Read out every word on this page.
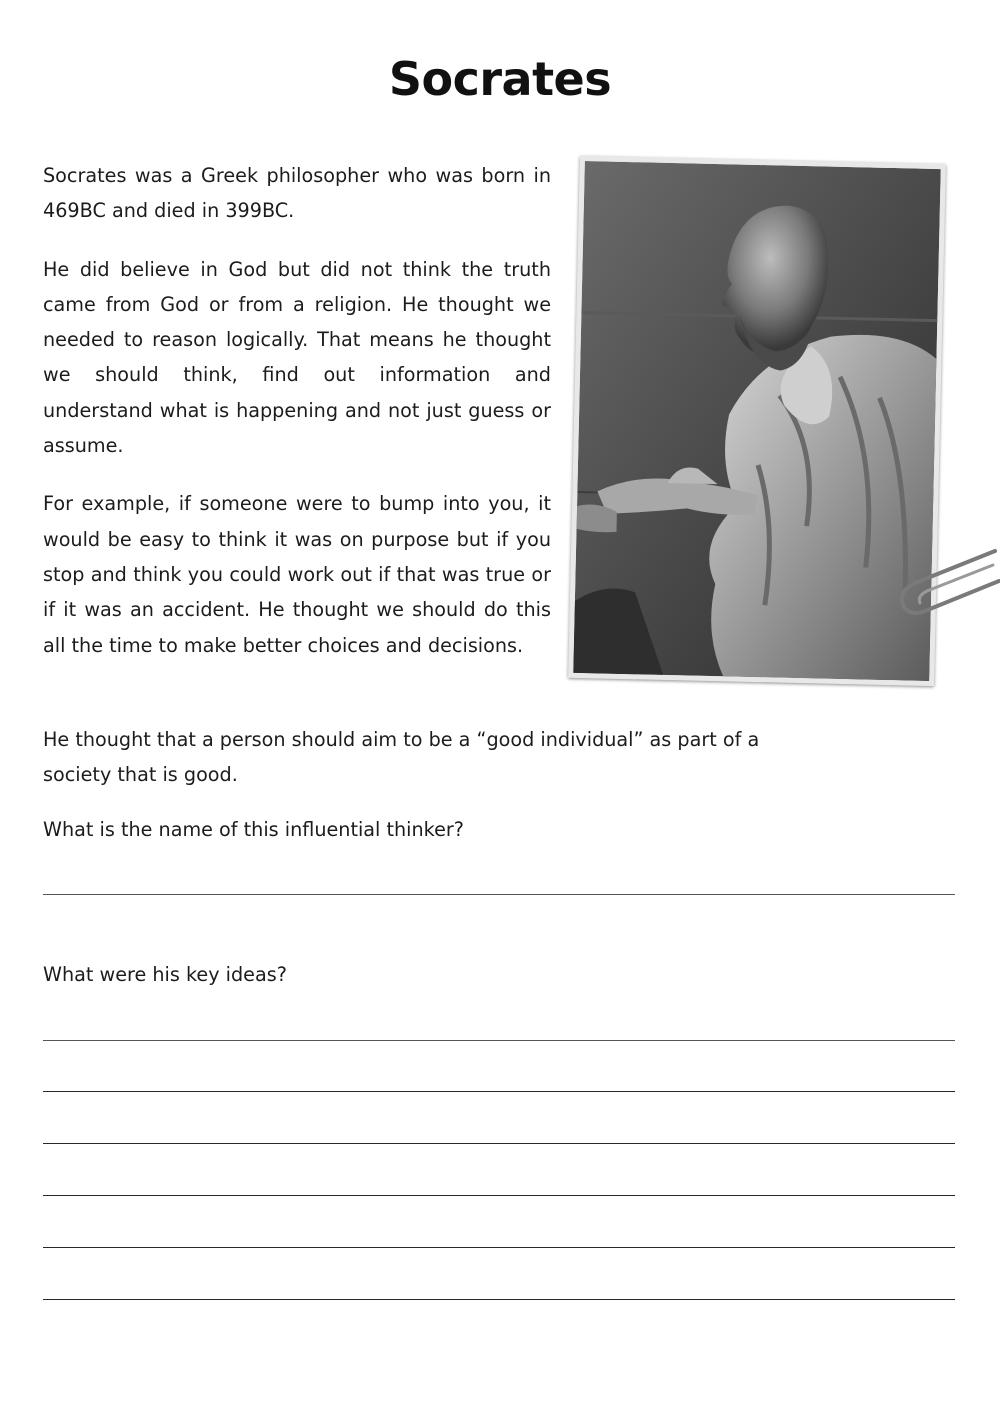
Socrates

Socrates was a Greek philosopher who was born in 469BC and died in 399BC.

He did believe in God but did not think the truth came from God or from a religion. He thought we needed to reason logically. That means he thought we should think, find out information and understand what is happening and not just guess or assume.

For example, if someone were to bump into you, it would be easy to think it was on purpose but if you stop and think you could work out if that was true or if it was an accident. He thought we should do this all the time to make better choices and decisions.

He thought that a person should aim to be a “good individual” as part of a society that is good.

What is the name of this influential thinker?

What were his key ideas?
